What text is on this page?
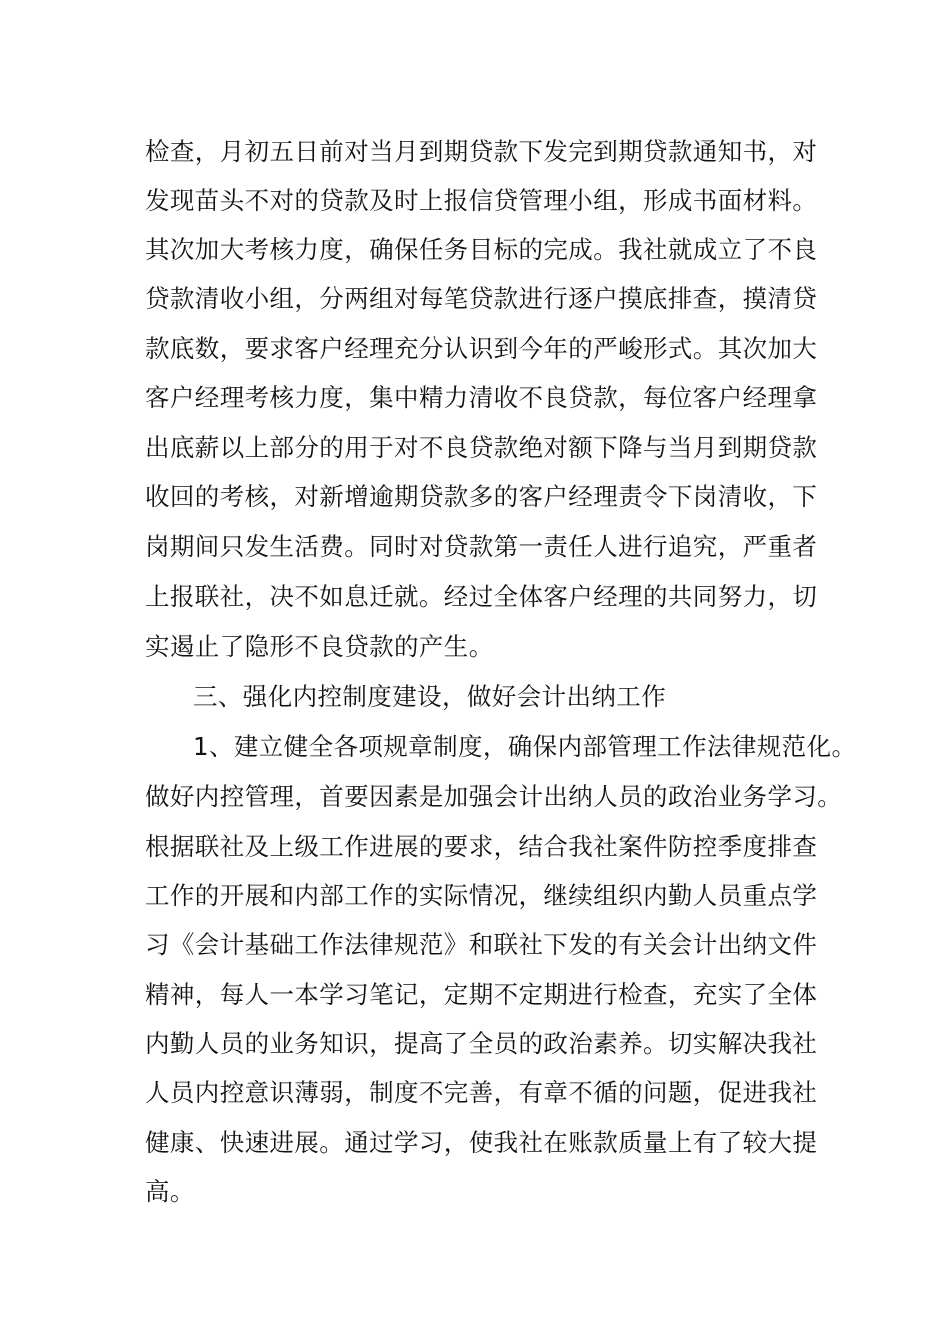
检查，月初五日前对当月到期贷款下发完到期贷款通知书，对
发现苗头不对的贷款及时上报信贷管理小组，形成书面材料。
其次加大考核力度，确保任务目标的完成。我社就成立了不良
贷款清收小组，分两组对每笔贷款进行逐户摸底排查，摸清贷
款底数，要求客户经理充分认识到今年的严峻形式。其次加大
客户经理考核力度，集中精力清收不良贷款，每位客户经理拿
出底薪以上部分的用于对不良贷款绝对额下降与当月到期贷款
收回的考核，对新增逾期贷款多的客户经理责令下岗清收，下
岗期间只发生活费。同时对贷款第一责任人进行追究，严重者
上报联社，决不如息迁就。经过全体客户经理的共同努力，切
实遏止了隐形不良贷款的产生。
三、强化内控制度建设，做好会计出纳工作
1、建立健全各项规章制度，确保内部管理工作法律规范化。
做好内控管理，首要因素是加强会计出纳人员的政治业务学习。
根据联社及上级工作进展的要求，结合我社案件防控季度排查
工作的开展和内部工作的实际情况，继续组织内勤人员重点学
习《会计基础工作法律规范》和联社下发的有关会计出纳文件
精神，每人一本学习笔记，定期不定期进行检查，充实了全体
内勤人员的业务知识，提高了全员的政治素养。切实解决我社
人员内控意识薄弱，制度不完善，有章不循的问题，促进我社
健康、快速进展。通过学习，使我社在账款质量上有了较大提
高。
